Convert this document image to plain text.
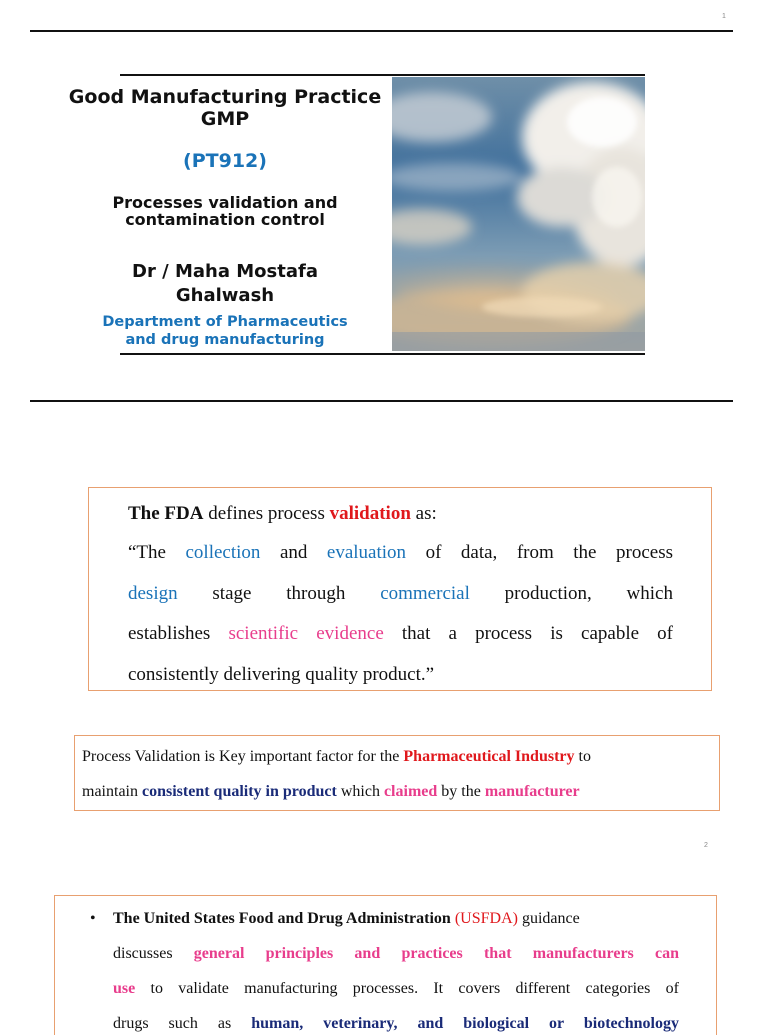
1
Good Manufacturing Practice
GMP
(PT912)
Processes validation and
contamination control
Dr / Maha Mostafa
Ghalwash
Department of Pharmaceutics
and drug manufacturing

The FDA defines process validation as:

“The collection and evaluation of data, from the process

design stage through commercial production, which

establishes scientific evidence that a process is capable of

consistently delivering quality product.”

Process Validation is Key important factor for the Pharmaceutical Industry to

maintain consistent quality in product which claimed by the manufacturer

2
• The United States Food and Drug Administration (USFDA) guidance

discusses general principles and practices that manufacturers can

use to validate manufacturing processes. It covers different categories of

drugs such as human, veterinary, and biological or biotechnology
